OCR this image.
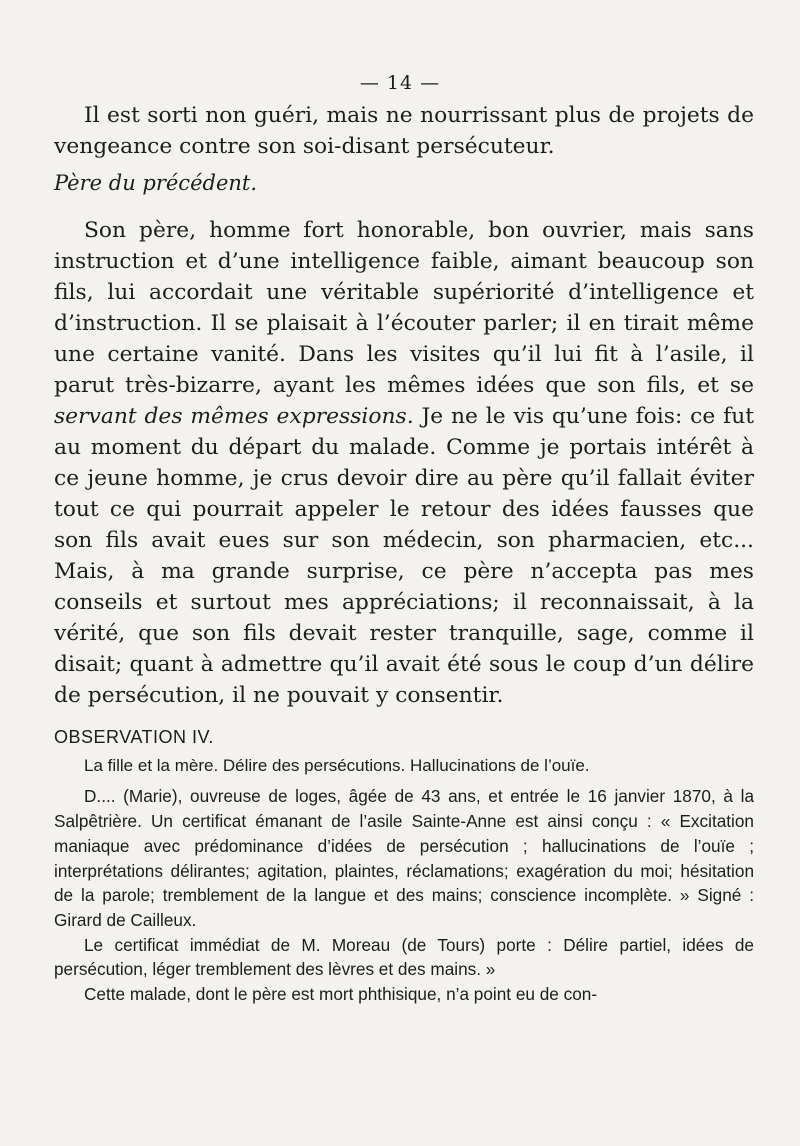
— 14 —

Il est sorti non guéri, mais ne nourrissant plus de projets de vengeance contre son soi-disant persécuteur.

Père du précédent.

Son père, homme fort honorable, bon ouvrier, mais sans instruction et d’une intelligence faible, aimant beaucoup son fils, lui accordait une véritable supériorité d’intelligence et d’instruction. Il se plaisait à l’écouter parler; il en tirait même une certaine vanité. Dans les visites qu’il lui fit à l’asile, il parut très-bizarre, ayant les mêmes idées que son fils, et se servant des mêmes expressions. Je ne le vis qu’une fois: ce fut au moment du départ du malade. Comme je portais intérêt à ce jeune homme, je crus devoir dire au père qu’il fallait éviter tout ce qui pourrait appeler le retour des idées fausses que son fils avait eues sur son médecin, son pharmacien, etc... Mais, à ma grande surprise, ce père n’accepta pas mes conseils et surtout mes appréciations; il reconnaissait, à la vérité, que son fils devait rester tranquille, sage, comme il disait; quant à admettre qu’il avait été sous le coup d’un délire de persécution, il ne pouvait y consentir.

OBSERVATION IV.

La fille et la mère. Délire des persécutions. Hallucinations de l’ouïe.

D.... (Marie), ouvreuse de loges, âgée de 43 ans, et entrée le 16 janvier 1870, à la Salpêtrière. Un certificat émanant de l’asile Sainte-Anne est ainsi conçu : « Excitation maniaque avec prédominance d’idées de persécution ; hallucinations de l’ouïe ; interprétations délirantes; agitation, plaintes, réclamations; exagération du moi; hésitation de la parole; tremblement de la langue et des mains; conscience incomplète. » Signé : Girard de Cailleux.

Le certificat immédiat de M. Moreau (de Tours) porte : Délire partiel, idées de persécution, léger tremblement des lèvres et des mains. »

Cette malade, dont le père est mort phthisique, n’a point eu de con-
